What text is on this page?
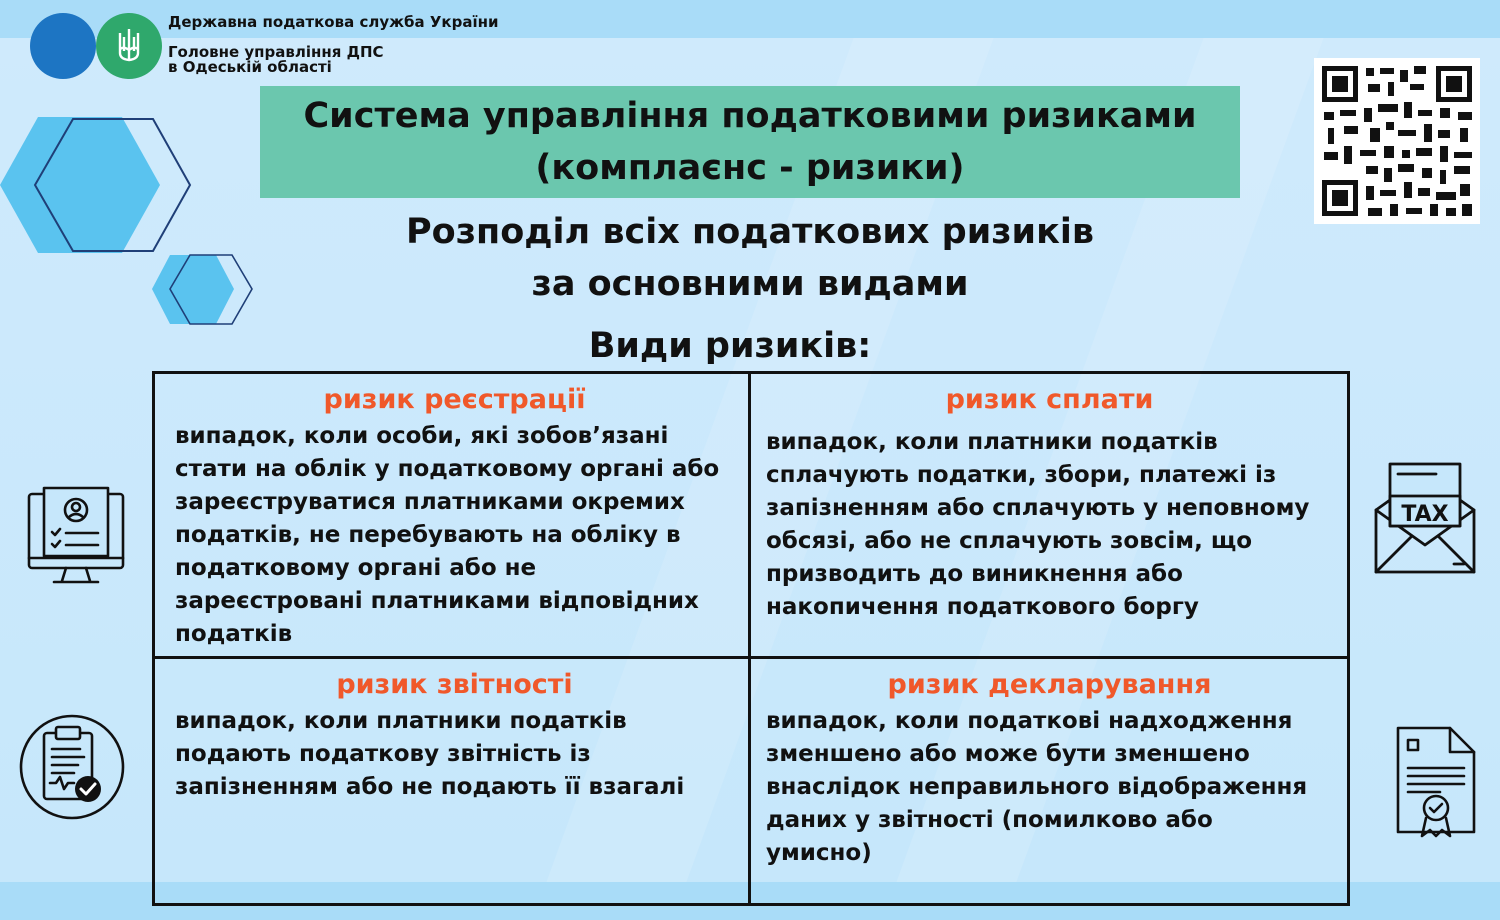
Державна податкова служба України
Головне управління ДПС
в Одеській області
Система управління податковими ризиками
(комплаєнс - ризики)
Розподіл всіх податкових ризиків
за основними видами
Види ризиків:
ризик реєстрації
випадок, коли особи, які зобов’язані
стати на облік у податковому органі або
зареєструватися платниками окремих
податків, не перебувають на обліку в
податковому органі або не
зареєстровані платниками відповідних
податків
ризик сплати
випадок, коли платники податків
сплачують податки, збори, платежі із
запізненням або сплачують у неповному
обсязі, або не сплачують зовсім, що
призводить до виникнення або
накопичення податкового боргу
ризик звітності
випадок, коли платники податків
подають податкову звітність із
запізненням або не подають її взагалі
ризик декларування
випадок, коли податкові надходження
зменшено або може бути зменшено
внаслідок неправильного відображення
даних у звітності (помилково або
умисно)
TAX
